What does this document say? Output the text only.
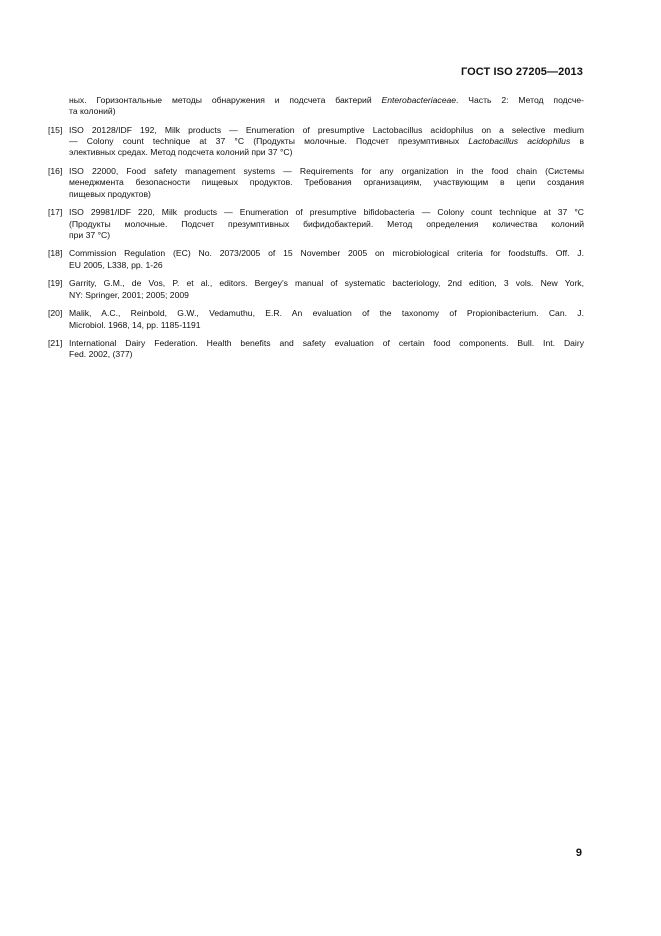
ГОСТ ISO 27205—2013
ных. Горизонтальные методы обнаружения и подсчета бактерий Enterobacteriaceae. Часть 2: Метод подсче-
та колоний)
[15] ISO 20128/IDF 192, Milk products — Enumeration of presumptive Lactobacillus acidophilus on a selective medium
— Colony count technique at 37 °C (Продукты молочные. Подсчет презумптивных Lactobacillus acidophilus в
элективных средах. Метод подсчета колоний при 37 °C)
[16] ISO 22000, Food safety management systems — Requirements for any organization in the food chain (Системы
менеджмента безопасности пищевых продуктов. Требования организациям, участвующим в цепи создания
пищевых продуктов)
[17] ISO 29981/IDF 220, Milk products — Enumeration of presumptive bifidobacteria — Colony count technique at 37 °C
(Продукты молочные. Подсчет презумптивных бифидобактерий. Метод определения количества колоний
при 37 °C)
[18] Commission Regulation (EC) No. 2073/2005 of 15 November 2005 on microbiological criteria for foodstuffs. Off. J.
EU 2005, L338, pp. 1-26
[19] Garrity, G.M., de Vos, P. et al., editors. Bergey’s manual of systematic bacteriology, 2nd edition, 3 vols. New York,
NY: Springer, 2001; 2005; 2009
[20] Malik, A.C., Reinbold, G.W., Vedamuthu, E.R. An evaluation of the taxonomy of Propionibacterium. Can. J.
Microbiol. 1968, 14, pp. 1185-1191
[21] International Dairy Federation. Health benefits and safety evaluation of certain food components. Bull. Int. Dairy
Fed. 2002, (377)
9
